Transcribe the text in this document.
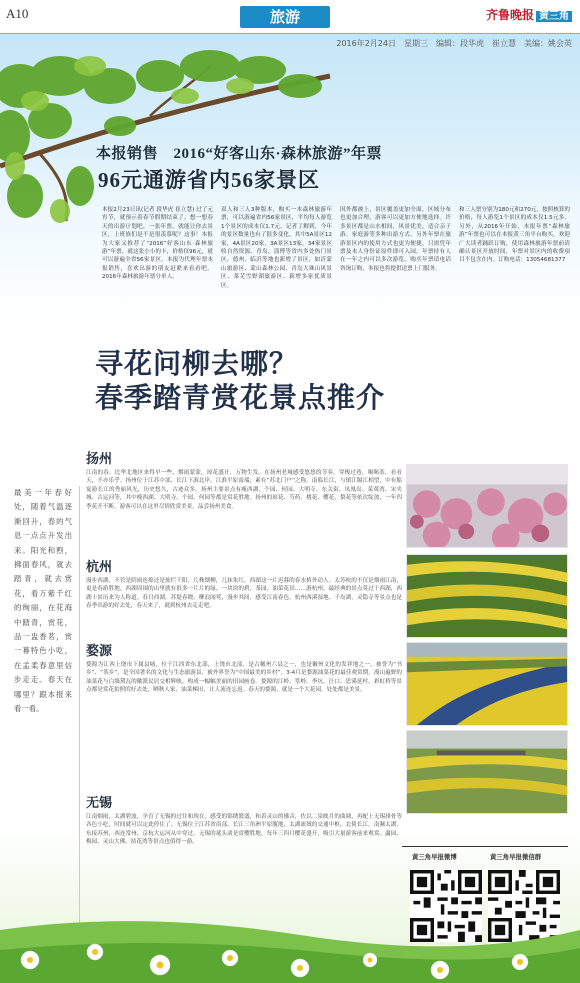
A10	旅游	齐鲁晚报 黄三角
2016年2月24日　星期三　编辑：段华虎　崔立慧　美编：姚会英
本报销售　2016“好客山东·森林旅游”年票
96元通游省内56家景区
本报2月23日讯(记者 段华虎 崔立慧) 过了元宵节，就预示着春节假期结束了。想一想春天的出游计划吧，一张年票，就能让你去景区，上班族们是不是很羡慕呢？这事！本报为大家又推荐了“2016”好客山东·森林旅游”年票，就这张小小的卡，价格仅96元，就可以游遍全省56家景区，本报为代理年票本报销售，喜欢出游的朋友赶紧来看看吧。2016年森林旅游年票分单人、
双人和三人3种版本，购买一本森林旅游年票，可以游遍省内56家景区，平均每人游览1个景区的成本仅1.7元。记者了解到，今年的景区数量也有了很多变化，其中5A景区12家，4A景区20家，3A景区13家，34家景区收自然资源、青岛、淄博等省内多处热门景区，德州、临沂等地也新增了景区，如沂蒙山旅游区、蒙山森林公园、青岛大珠山风景区、莱芜雪野湖旅游区、新增多家优质景区。
因外都被上，景区覆盖更加全面，区域分布也更加合理，游客可以更加方便地选择。许多景区都是山水相间，风景优美，适合亲子游、家庭游等多种出游方式。另外年票在旅游景区内的使用方式也更为便捷，只需凭年票及本人身份证原件即可入园。年票持有人在一年之内可以多次游览。购买年票请电话咨询订购，本报也将提供送票上门服务。
和三人票分别为180元和270元，按照核算的价格，每人游览1个景区的成本仅1.5元多。另外，从2016年开始，本报年票“森林旅游”年票也可以在本报黄三角平台购买，欢迎广大读者踊跃订购，使用森林旅游年票前请确认景区开放时间，年票对景区内的收费项目不包含在内。订购电话：13054681377
寻花问柳去哪？
春季踏青赏花景点推介
最美一年春好处，随着气温逐渐回升，春的气息一点点升发出来。阳光和煦，拂面春风，就去踏青，就去赏花，看万紫千红的绚丽，在花海中踏青，赏花，品一盅香茗，赏一幕特色小吃，在孟柔春意里信步走走。春天在哪里？跟本报来看一看。
扬州
江南的春，比华北地区来得早一些，烟雨蒙蒙，琼花盛开，万物生发。在扬州老城感受悠悠的节奏，穿梭过巷，喝喝茶，看看天，不亦乐乎。扬州位于江苏中部，长江下游北岸，江淮平原南端，素有“苏北门户”之称，南临长江，与镇江隔江相望，中有船宴游长江的秀丽风光，历史悠久，古迹众多。扬州主要景点有瘦西湖、个园、何园、大明寺、东关街、凤凰岛、茱萸湾、宋夹城、古运河等，其中瘦西湖、大明寺、个园、何园等都是赏花胜地。扬州的琼花、芍药、桃花、樱花、梨花等依次绽放，一年四季花开不断，游客可以在这里尽情欣赏美景，品尝扬州美食。
杭州
漫步西湖，不管是阴雨连绵还是灿烂千阳，几株烟柳，几抹朱红，西湖这一片迟暮的春水格外动人。太苏杭的不仅是烟雨江南，更是春游胜地，西湖周围的山里就有很多一片片的绿，一块块的碧，茶园，油菜花田……游杭州，最经典的景点莫过于西湖，西湖十景历来为人称道。春日西湖，苏堤春晓、柳浪闻莺，漫步其间，感受江南春色。杭州西溪湿地、千岛湖、灵隐寺等景点也是春季出游的好去处，春天来了，就到杭州去走走吧。
婺源
婺源为江西上饶市下属县城，位于江西省东北部，上饶市北部，是古徽州六县之一，也是徽州文化的发祥地之一，被誉为“书乡”、“茶乡”，是全国著名的文化与生态旅游县，被外界誉为“中国最美的乡村”。3-4月是婺源油菜花的最佳观赏期，漫山遍野的油菜花与白墙黛瓦的徽派民居交相辉映，构成一幅幅美丽的田园画卷。婺源的江岭、篁岭、李坑、汪口、思溪延村、彩虹桥等景点都是赏花拍照的好去处，晒秋人家、油菜梯田，让人流连忘返。春天的婺源，就是一个大花园，处处都是美景。
无锡
江南烟雨，太湖碧波，孕育了无锡的过往和现在，感受的锦绣繁盛，和着灵山的佛音，佐以二泉映月的曲调，再配上无锡排骨等各色小吃，时间就可以定此停住了。无锡位于江苏省南部，长江三角洲平原腹地，太湖流域的交通中枢，北倚长江，南濒太湖，东接苏州，西连常州，京杭大运河从中穿过。无锡的鼋头渚是赏樱胜地，每年三四月樱花盛开，吸引大量游客前来观赏。蠡园、梅园、灵山大佛、拈花湾等景点也值得一游。
黄三角早报微博	黄三角早报微信群
